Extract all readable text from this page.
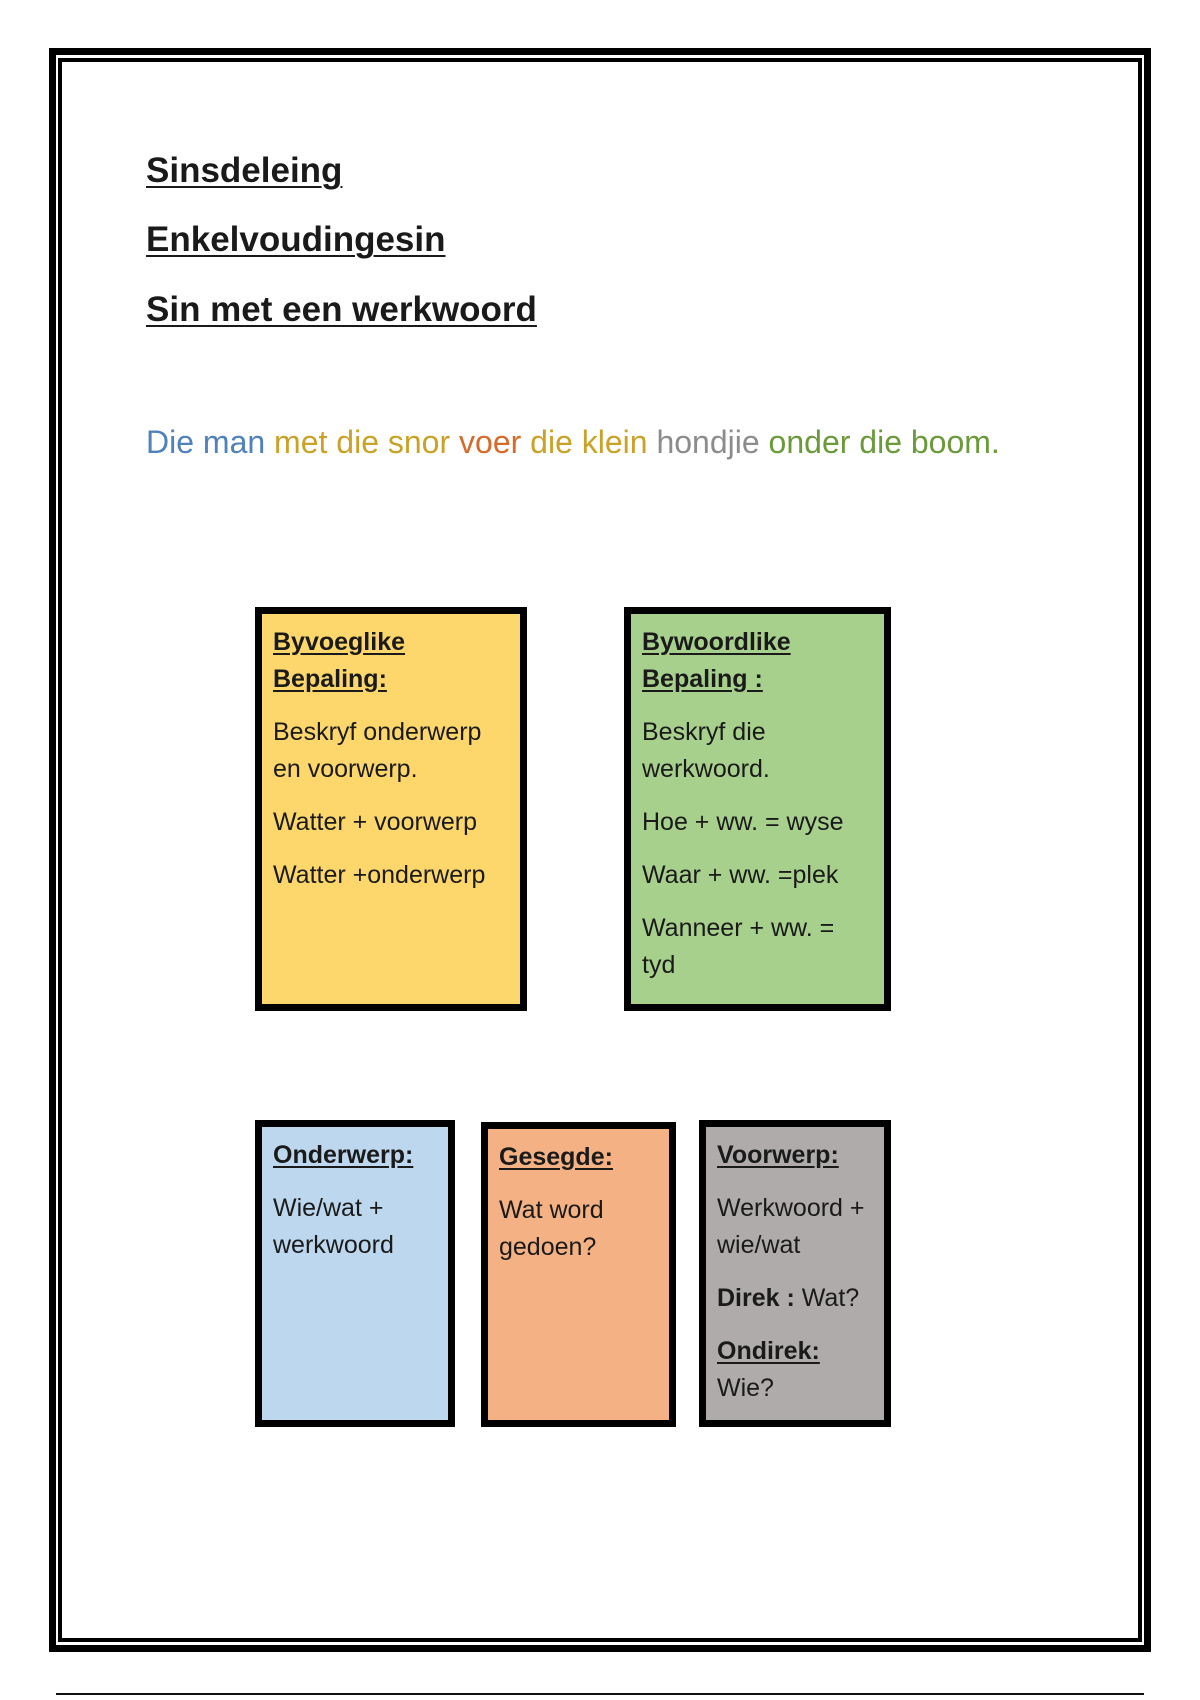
Sinsdeleing
Enkelvoudingesin
Sin met een werkwoord

Die man met die snor voer die klein hondjie onder die boom.

Byvoeglike Bepaling:

Beskryf onderwerp en voorwerp.

Watter + voorwerp

Watter +onderwerp

Bywoordlike Bepaling :

Beskryf die werkwoord.

Hoe + ww. = wyse

Waar + ww. =plek

Wanneer + ww. = tyd

Onderwerp:

Wie/wat + werkwoord

Gesegde:

Wat word gedoen?

Voorwerp:

Werkwoord + wie/wat

Direk : Wat?

Ondirek:
Wie?
